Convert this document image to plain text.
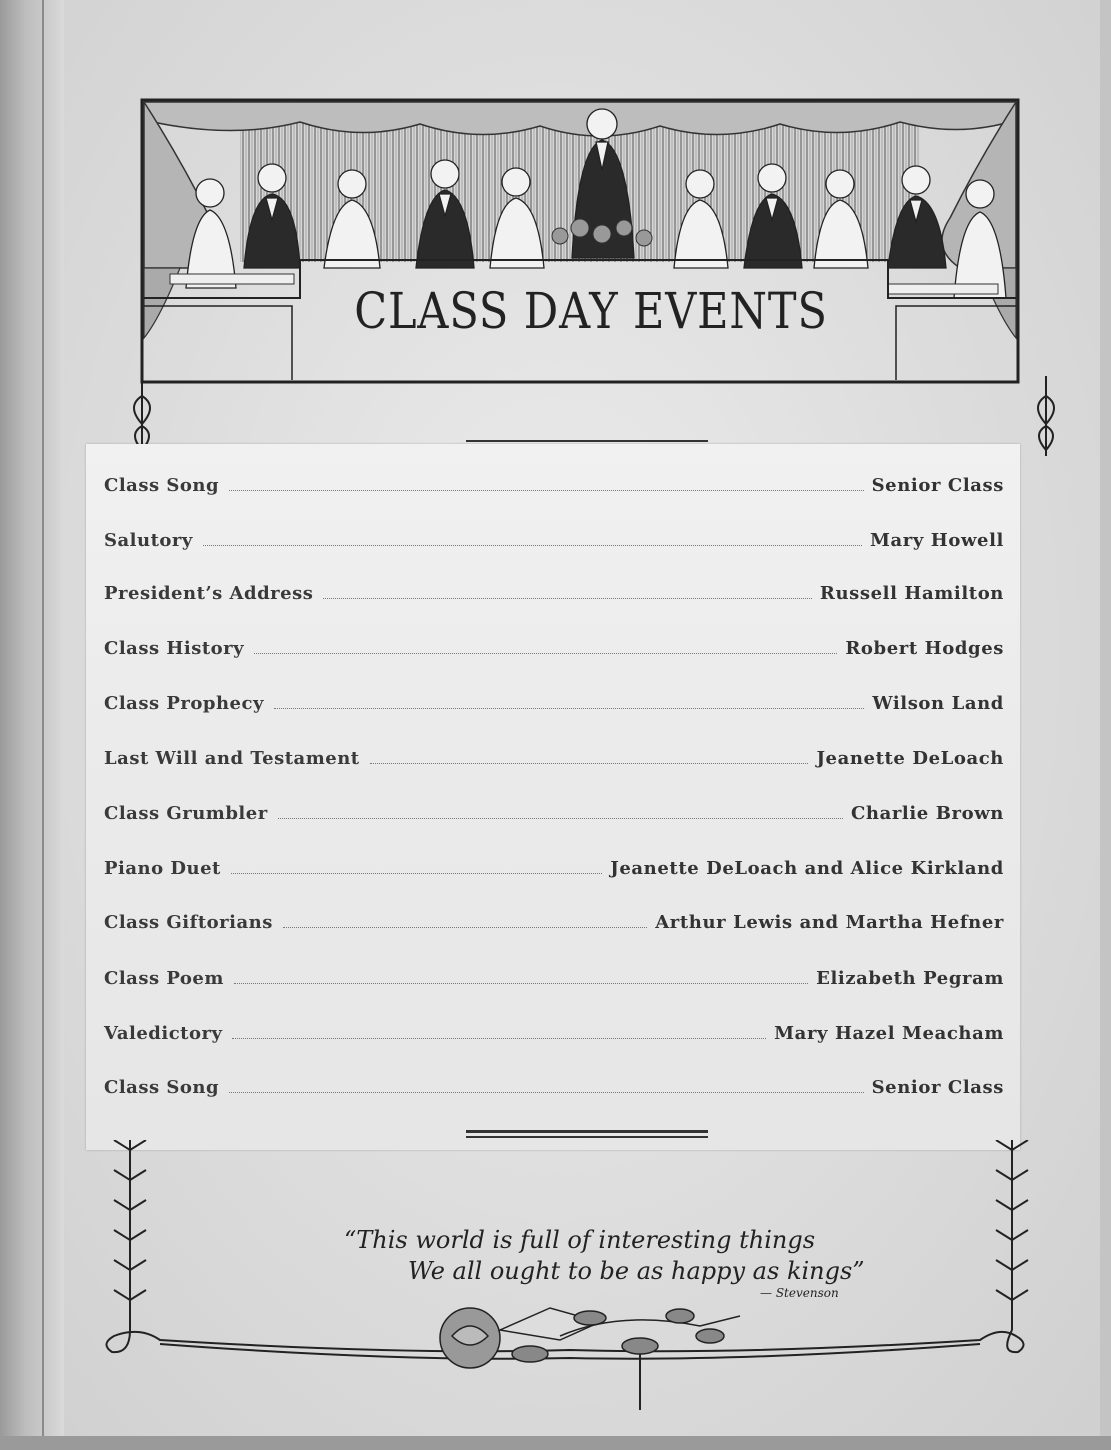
CLASS DAY EVENTS
Class Song	Senior Class
Salutory	Mary Howell
President’s Address	Russell Hamilton
Class History	Robert Hodges
Class Prophecy	Wilson Land
Last Will and Testament	Jeanette DeLoach
Class Grumbler	Charlie Brown
Piano Duet	Jeanette DeLoach and Alice Kirkland
Class Giftorians	Arthur Lewis and Martha Hefner
Class Poem	Elizabeth Pegram
Valedictory	Mary Hazel Meacham
Class Song	Senior Class
“This world is full of interesting things
We all ought to be as happy as kings”
— Stevenson
